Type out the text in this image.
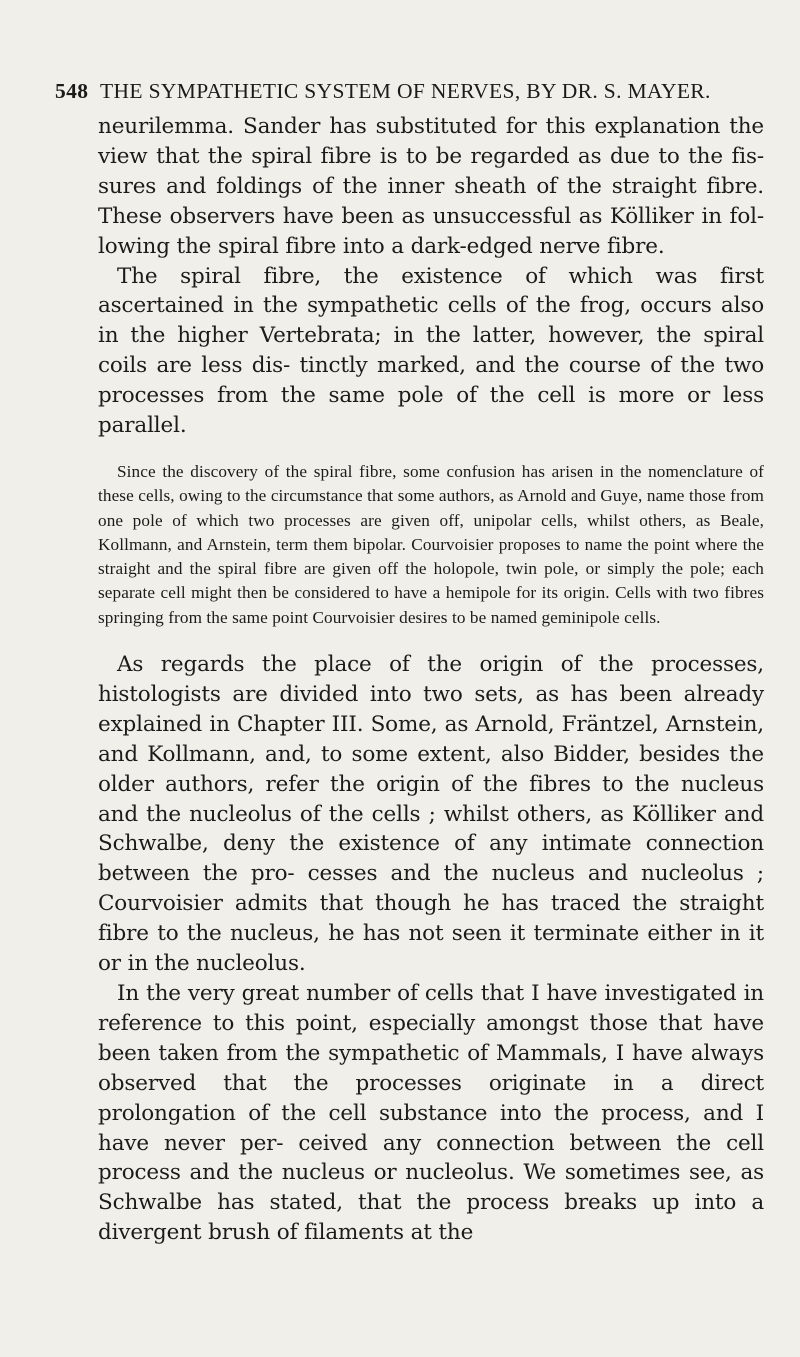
548 THE SYMPATHETIC SYSTEM OF NERVES, BY DR. S. MAYER.

neurilemma. Sander has substituted for this explanation the view that the spiral fibre is to be regarded as due to the fis- sures and foldings of the inner sheath of the straight fibre. These observers have been as unsuccessful as Kölliker in fol- lowing the spiral fibre into a dark-edged nerve fibre.

The spiral fibre, the existence of which was first ascertained in the sympathetic cells of the frog, occurs also in the higher Vertebrata; in the latter, however, the spiral coils are less dis- tinctly marked, and the course of the two processes from the same pole of the cell is more or less parallel.

Since the discovery of the spiral fibre, some confusion has arisen in the nomenclature of these cells, owing to the circumstance that some authors, as Arnold and Guye, name those from one pole of which two processes are given off, unipolar cells, whilst others, as Beale, Kollmann, and Arnstein, term them bipolar. Courvoisier proposes to name the point where the straight and the spiral fibre are given off the holopole, twin pole, or simply the pole; each separate cell might then be considered to have a hemipole for its origin. Cells with two fibres springing from the same point Courvoisier desires to be named geminipole cells.

As regards the place of the origin of the processes, histologists are divided into two sets, as has been already explained in Chapter III. Some, as Arnold, Fräntzel, Arnstein, and Kollmann, and, to some extent, also Bidder, besides the older authors, refer the origin of the fibres to the nucleus and the nucleolus of the cells ; whilst others, as Kölliker and Schwalbe, deny the existence of any intimate connection between the pro- cesses and the nucleus and nucleolus ; Courvoisier admits that though he has traced the straight fibre to the nucleus, he has not seen it terminate either in it or in the nucleolus.

In the very great number of cells that I have investigated in reference to this point, especially amongst those that have been taken from the sympathetic of Mammals, I have always observed that the processes originate in a direct prolongation of the cell substance into the process, and I have never per- ceived any connection between the cell process and the nucleus or nucleolus. We sometimes see, as Schwalbe has stated, that the process breaks up into a divergent brush of filaments at the
